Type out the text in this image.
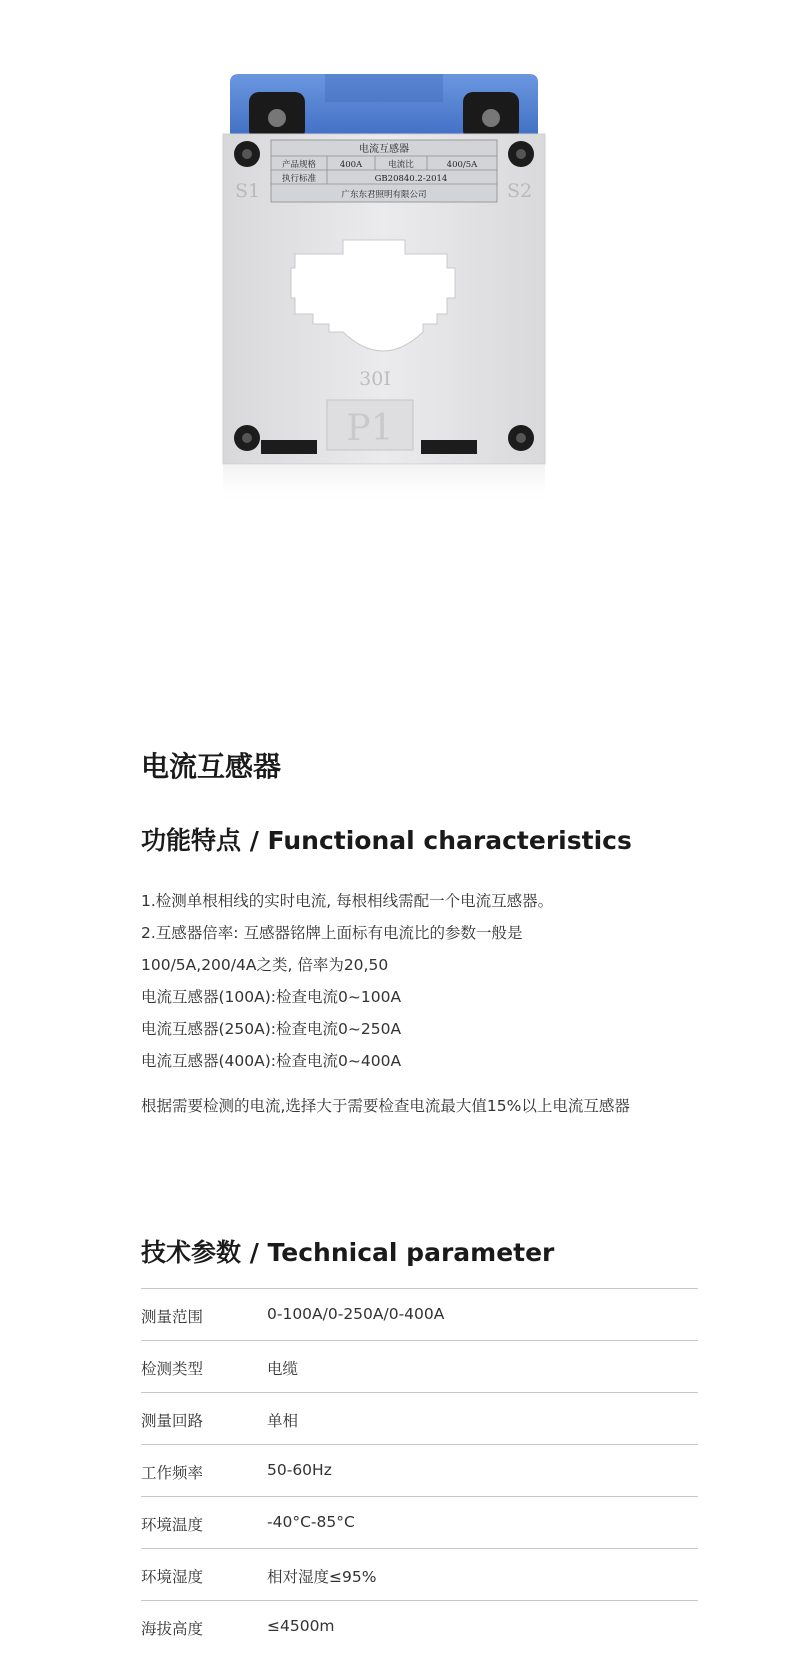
电流互感器
产品规格	400A	电流比	400/5A
执行标准	GB20840.2-2014
广东东君照明有限公司
S1	S2
30I
P1
电流互感器
功能特点 / Functional characteristics
1.检测单根相线的实时电流, 每根相线需配一个电流互感器。
2.互感器倍率: 互感器铭牌上面标有电流比的参数一般是
100/5A,200/4A之类, 倍率为20,50
电流互感器(100A):检查电流0~100A
电流互感器(250A):检查电流0~250A
电流互感器(400A):检查电流0~400A
根据需要检测的电流,选择大于需要检查电流最大值15%以上电流互感器
技术参数 / Technical parameter
测量范围	0-100A/0-250A/0-400A
检测类型	电缆
测量回路	单相
工作频率	50-60Hz
环境温度	-40°C-85°C
环境湿度	相对湿度≤95%
海拔高度	≤4500m
